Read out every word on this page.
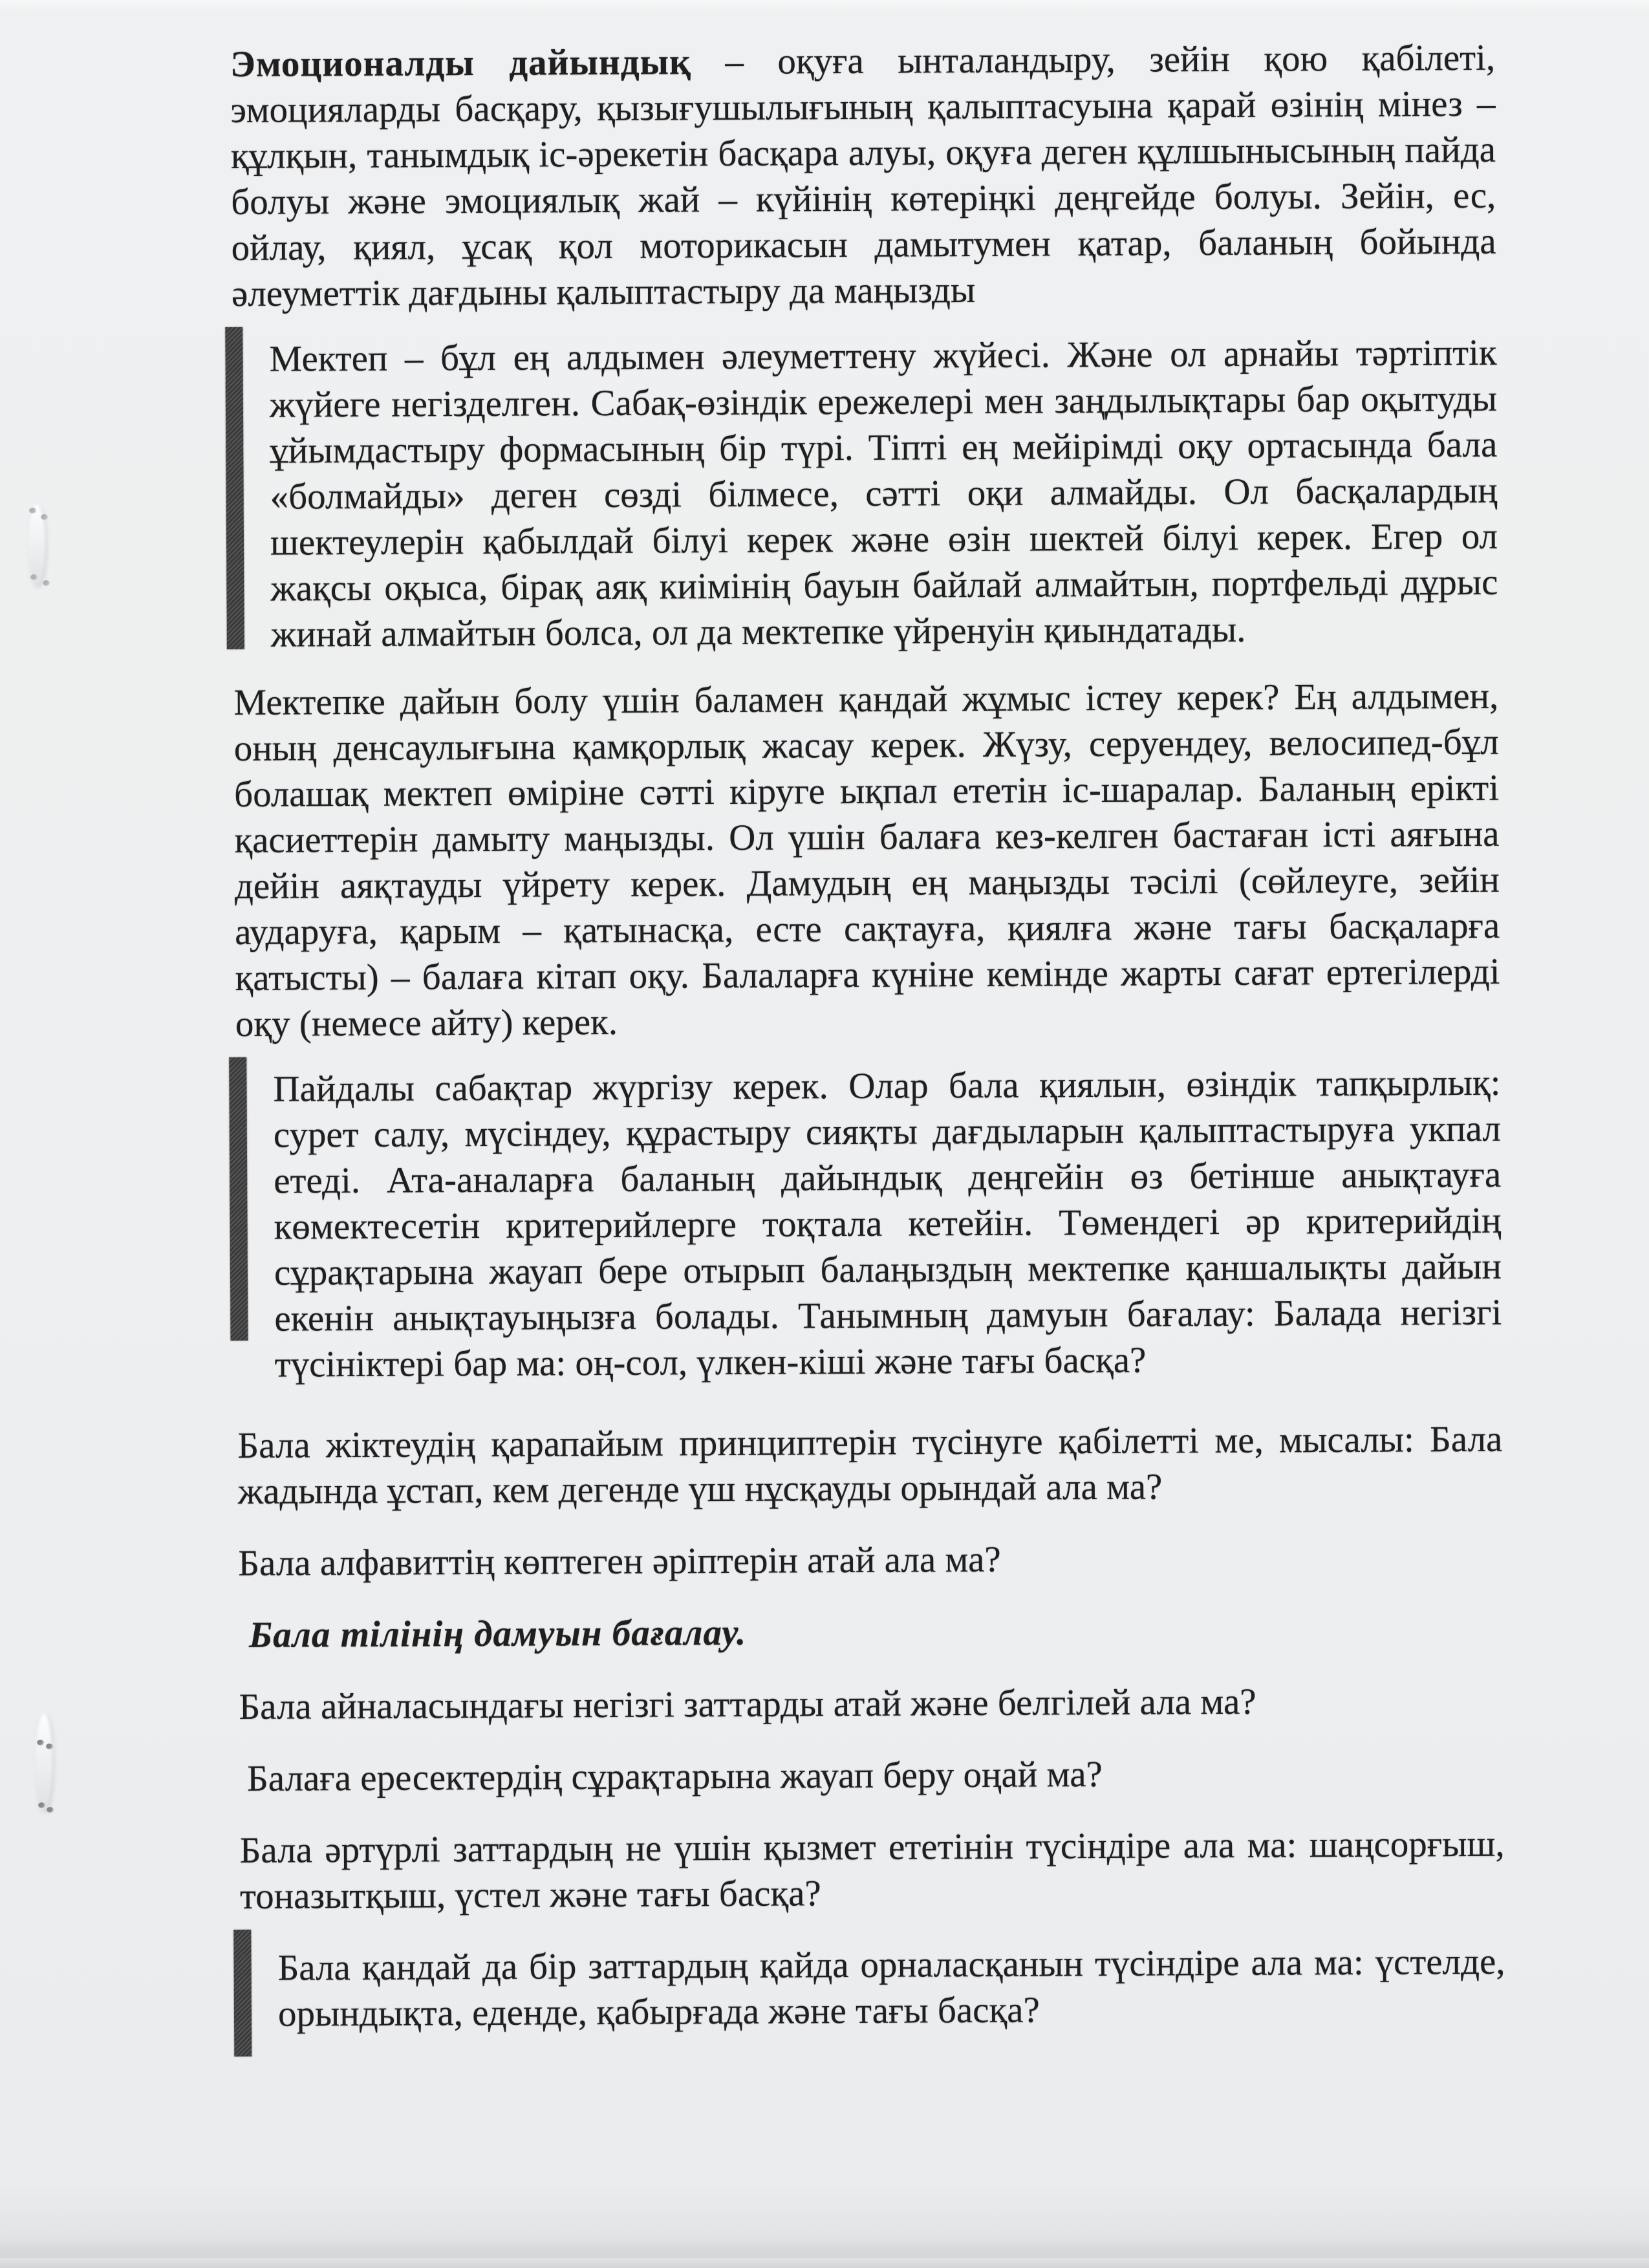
Эмоционалды дайындық – оқуға ынталандыру, зейін қою қабілеті, эмоцияларды басқару, қызығушылығының қалыптасуына қарай өзінің мінез – құлқын, танымдық іс-әрекетін басқара алуы, оқуға деген құлшынысының пайда болуы және эмоциялық жай – күйінің көтеріңкі деңгейде болуы. Зейін, ес, ойлау, қиял, ұсақ қол моторикасын дамытумен қатар, баланың бойында әлеуметтік дағдыны қалыптастыру да маңызды

Мектеп – бұл ең алдымен әлеуметтену жүйесі. Және ол арнайы тәртіптік жүйеге негізделген. Сабақ-өзіндік ережелері мен заңдылықтары бар оқытуды ұйымдастыру формасының бір түрі. Тіпті ең мейірімді оқу ортасында бала «болмайды» деген сөзді білмесе, сәтті оқи алмайды. Ол басқалардың шектеулерін қабылдай білуі керек және өзін шектей білуі керек. Егер ол жақсы оқыса, бірақ аяқ киімінің бауын байлай алмайтын, портфельді дұрыс жинай алмайтын болса, ол да мектепке үйренуін қиындатады.

Мектепке дайын болу үшін баламен қандай жұмыс істеу керек? Ең алдымен, оның денсаулығына қамқорлық жасау керек. Жүзу, серуендеу, велосипед-бұл болашақ мектеп өміріне сәтті кіруге ықпал ететін іс-шаралар. Баланың ерікті қасиеттерін дамыту маңызды. Ол үшін балаға кез-келген бастаған істі аяғына дейін аяқтауды үйрету керек. Дамудың ең маңызды тәсілі (сөйлеуге, зейін аударуға, қарым – қатынасқа, есте сақтауға, қиялға және тағы басқаларға қатысты) – балаға кітап оқу. Балаларға күніне кемінде жарты сағат ертегілерді оқу (немесе айту) керек.

Пайдалы сабақтар жүргізу керек. Олар бала қиялын, өзіндік тапқырлық: сурет салу, мүсіндеу, құрастыру сияқты дағдыларын қалыптастыруға укпал етеді. Ата-аналарға баланың дайындық деңгейін өз бетінше анықтауға көмектесетін критерийлерге тоқтала кетейін. Төмендегі әр критерийдің сұрақтарына жауап бере отырып балаңыздың мектепке қаншалықты дайын екенін анықтауыңызға болады. Танымның дамуын бағалау: Балада негізгі түсініктері бар ма: оң-сол, үлкен-кіші және тағы басқа?

Бала жіктеудің қарапайым принциптерін түсінуге қабілетті ме, мысалы: Бала жадында ұстап, кем дегенде үш нұсқауды орындай ала ма?

Бала алфавиттің көптеген әріптерін атай ала ма?

Бала тілінің дамуын бағалау.

Бала айналасындағы негізгі заттарды атай және белгілей ала ма?

Балаға ересектердің сұрақтарына жауап беру оңай ма?

Бала әртүрлі заттардың не үшін қызмет ететінін түсіндіре ала ма: шаңсорғыш, тоназытқыш, үстел және тағы басқа?

Бала қандай да бір заттардың қайда орналасқанын түсіндіре ала ма: үстелде, орындықта, еденде, қабырғада және тағы басқа?
